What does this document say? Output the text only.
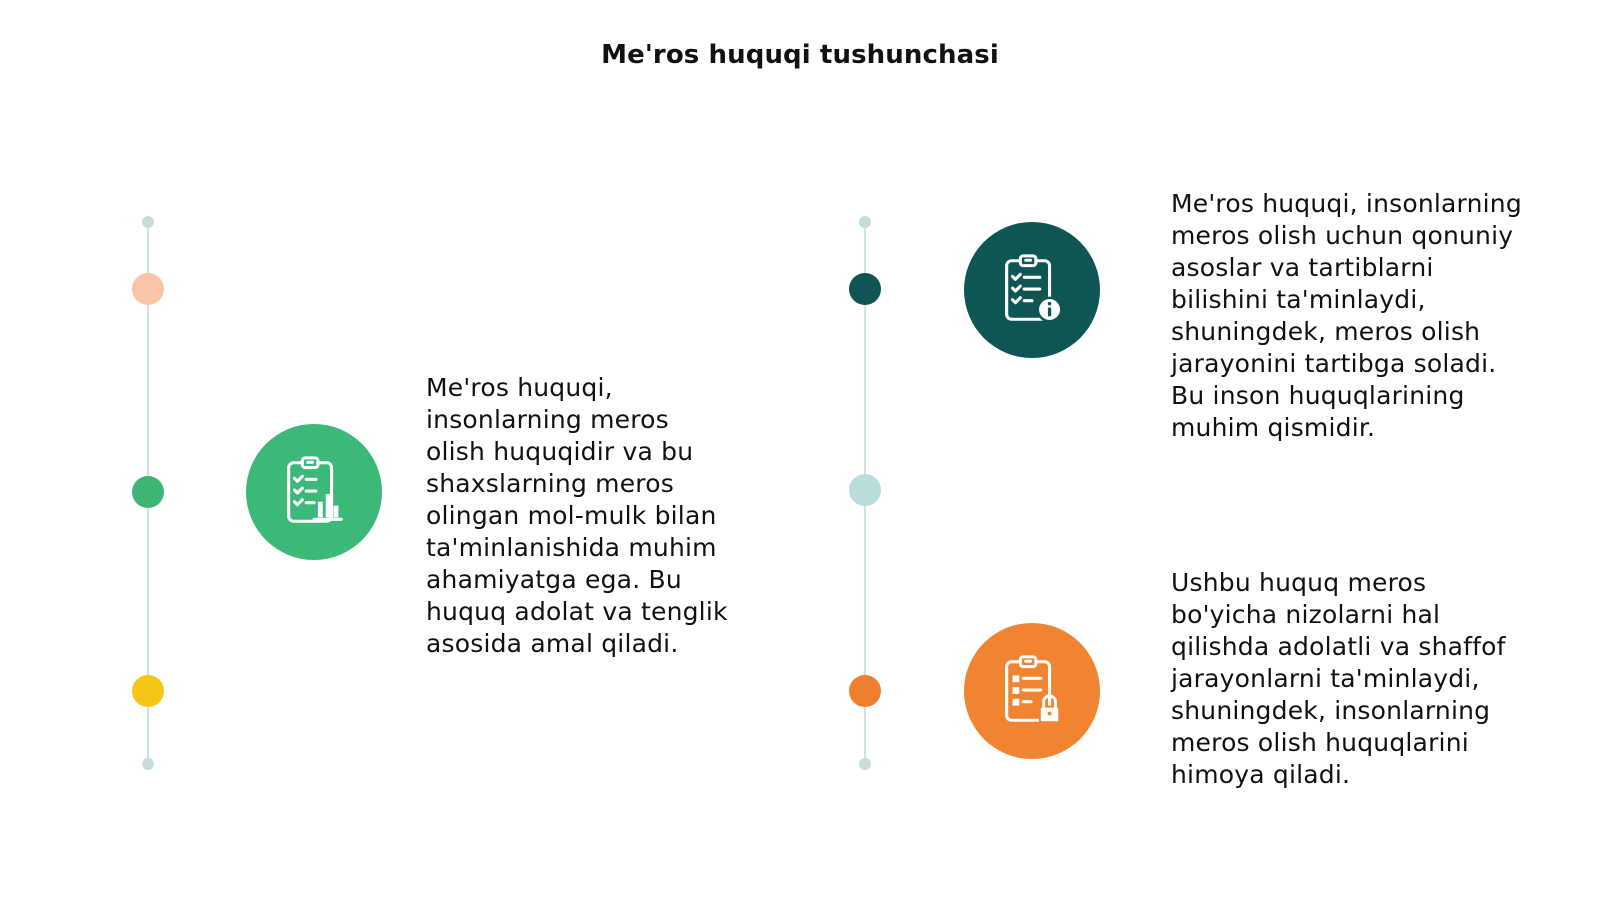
Me'ros huquqi tushunchasi
Me'ros huquqi,
insonlarning meros
olish huquqidir va bu
shaxslarning meros
olingan mol-mulk bilan
ta'minlanishida muhim
ahamiyatga ega. Bu
huquq adolat va tenglik
asosida amal qiladi.
Me'ros huquqi, insonlarning
meros olish uchun qonuniy
asoslar va tartiblarni
bilishini ta'minlaydi,
shuningdek, meros olish
jarayonini tartibga soladi.
Bu inson huquqlarining
muhim qismidir.
Ushbu huquq meros
bo'yicha nizolarni hal
qilishda adolatli va shaffof
jarayonlarni ta'minlaydi,
shuningdek, insonlarning
meros olish huquqlarini
himoya qiladi.
